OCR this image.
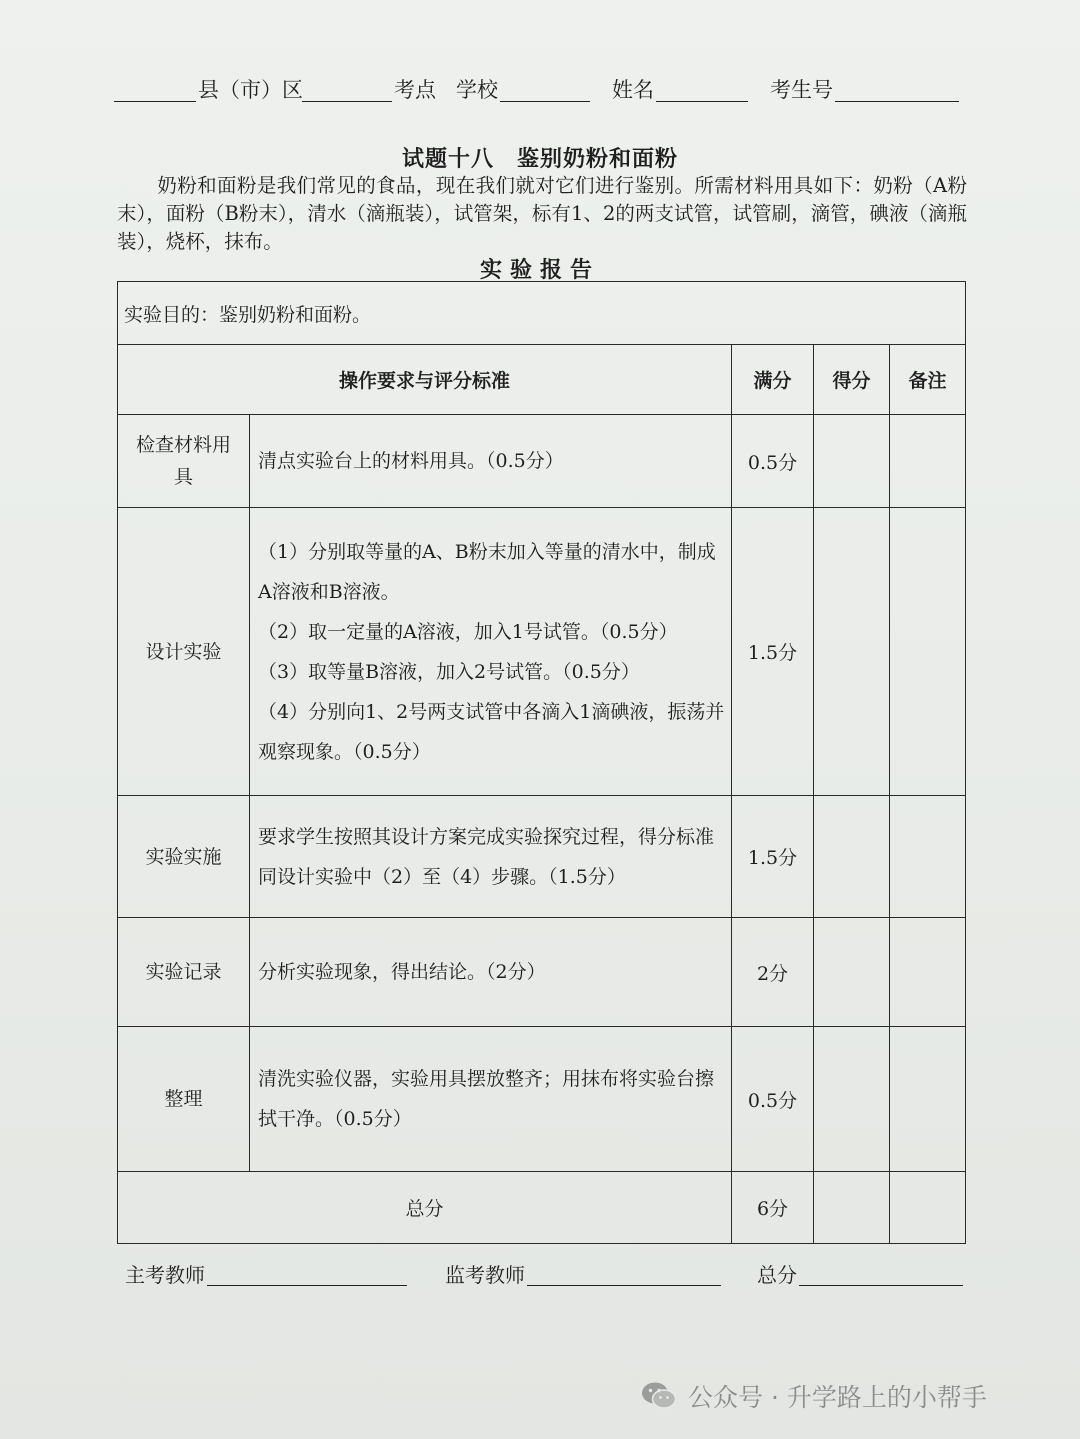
县（市）区	考点 学校	姓名	考生号
试题十八　鉴别奶粉和面粉
奶粉和面粉是我们常见的食品，现在我们就对它们进行鉴别。所需材料用具如下：奶粉（A粉末），面粉（B粉末），清水（滴瓶装），试管架，标有1、2的两支试管，试管刷，滴管，碘液（滴瓶装），烧杯，抹布。
实验报告
实验目的：鉴别奶粉和面粉。				
操作要求与评分标准		满分	得分	备注
检查材料用具	清点实验台上的材料用具。（0.5分）	0.5分		
设计实验	（1）分别取等量的A、B粉末加入等量的清水中，制成A溶液和B溶液。
（2）取一定量的A溶液，加入1号试管。（0.5分）
（3）取等量B溶液，加入2号试管。（0.5分）
（4）分别向1、2号两支试管中各滴入1滴碘液，振荡并观察现象。（0.5分）	1.5分		
实验实施	要求学生按照其设计方案完成实验探究过程，得分标准同设计实验中（2）至（4）步骤。（1.5分）	1.5分		
实验记录	分析实验现象，得出结论。（2分）	2分		
整理	清洗实验仪器，实验用具摆放整齐；用抹布将实验台擦拭干净。（0.5分）	0.5分		
总分		6分		
主考教师	监考教师	总分
公众号 · 升学路上的小帮手
